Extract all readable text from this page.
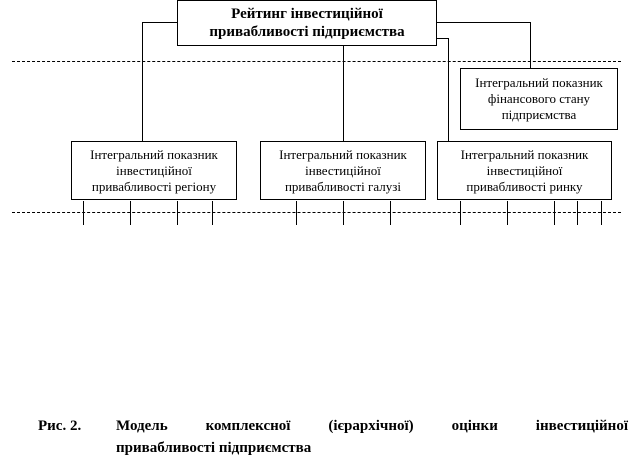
Рейтинг інвестиційної
привабливості підприємства
Інтегральний показник
інвестиційної
привабливості регіону
Інтегральний показник
інвестиційної
привабливості галузі
Інтегральний показник
інвестиційної
привабливості ринку
Інтегральний показник
фінансового стану
підприємства
Рис. 2.	Модель комплексної (ієрархічної) оцінки інвестиційної
привабливості підприємства
